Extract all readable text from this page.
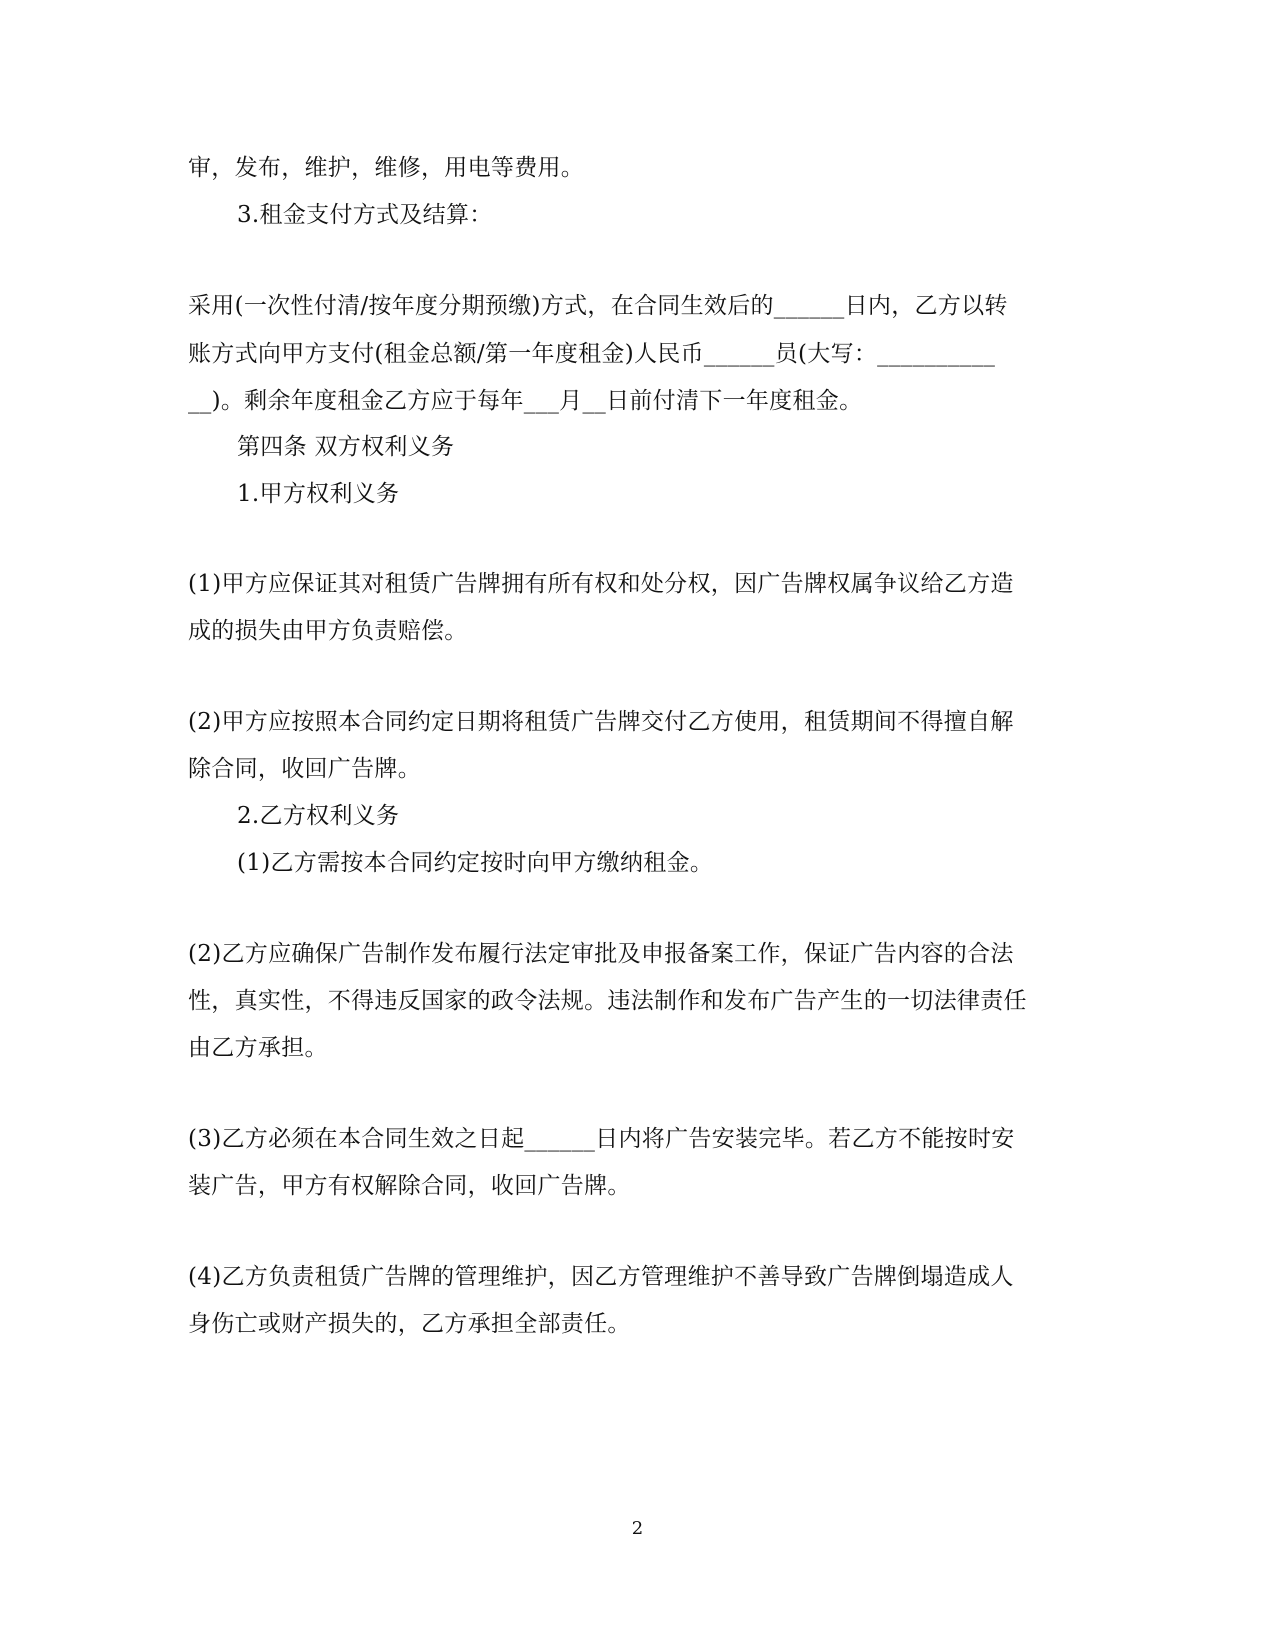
审，发布，维护，维修，用电等费用。
3.租金支付方式及结算：
采用(一次性付清/按年度分期预缴)方式，在合同生效后的______日内，乙方以转
账方式向甲方支付(租金总额/第一年度租金)人民币______员(大写：__________
__)。剩余年度租金乙方应于每年___月__日前付清下一年度租金。
第四条 双方权利义务
1.甲方权利义务
(1)甲方应保证其对租赁广告牌拥有所有权和处分权，因广告牌权属争议给乙方造
成的损失由甲方负责赔偿。
(2)甲方应按照本合同约定日期将租赁广告牌交付乙方使用，租赁期间不得擅自解
除合同，收回广告牌。
2.乙方权利义务
(1)乙方需按本合同约定按时向甲方缴纳租金。
(2)乙方应确保广告制作发布履行法定审批及申报备案工作，保证广告内容的合法
性，真实性，不得违反国家的政令法规。违法制作和发布广告产生的一切法律责任
由乙方承担。
(3)乙方必须在本合同生效之日起______日内将广告安装完毕。若乙方不能按时安
装广告，甲方有权解除合同，收回广告牌。
(4)乙方负责租赁广告牌的管理维护，因乙方管理维护不善导致广告牌倒塌造成人
身伤亡或财产损失的，乙方承担全部责任。
2
